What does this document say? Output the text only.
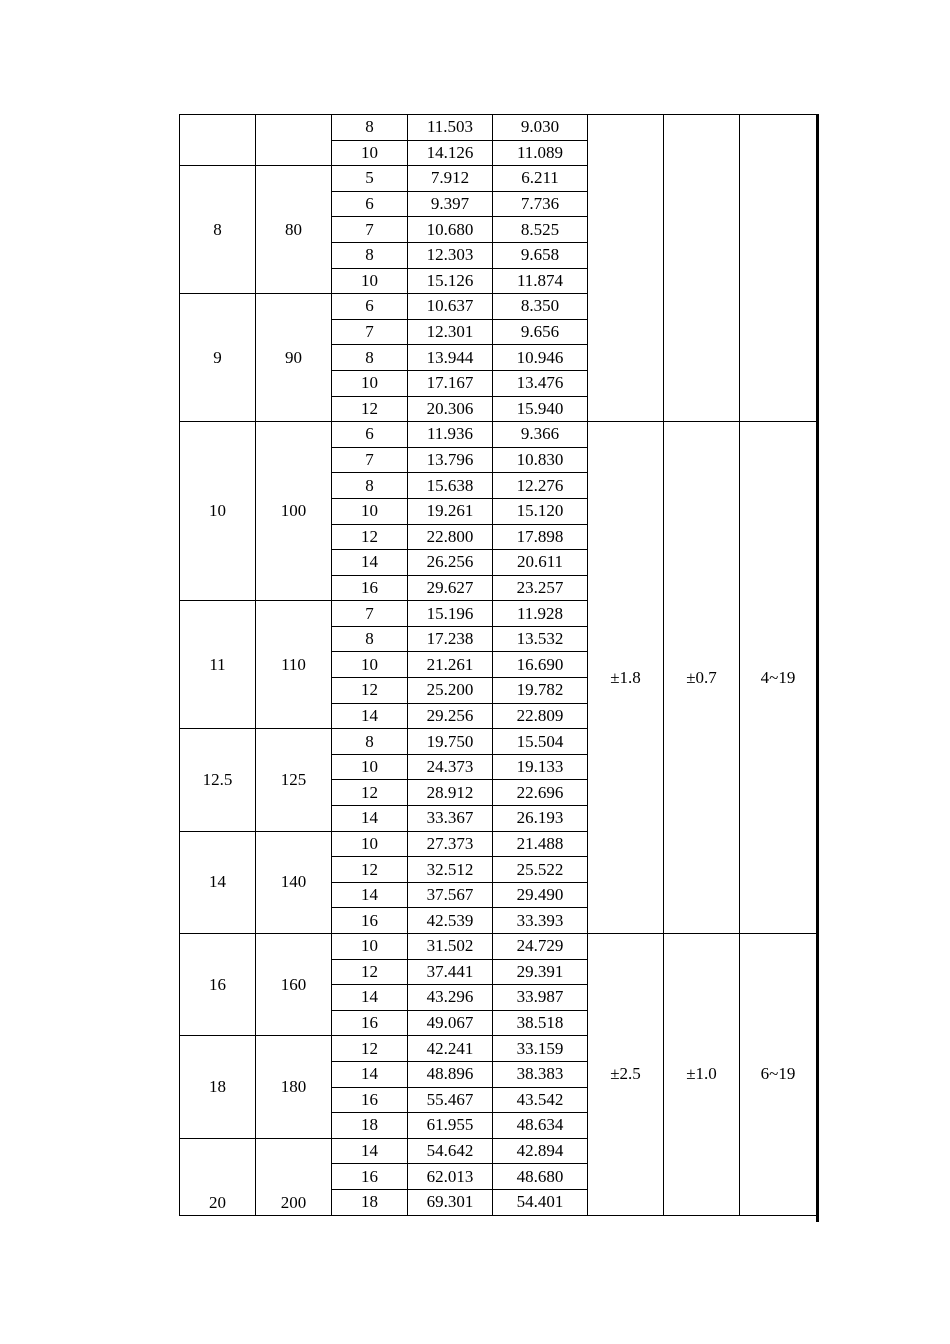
		8	11.503	9.030			
		10	14.126	11.089			
8	80	5	7.912	6.211			
		6	9.397	7.736			
		7	10.680	8.525			
		8	12.303	9.658			
		10	15.126	11.874			
9	90	6	10.637	8.350			
		7	12.301	9.656			
		8	13.944	10.946			
		10	17.167	13.476			
		12	20.306	15.940			
10	100	6	11.936	9.366	±1.8	±0.7	4~19
		7	13.796	10.830			
		8	15.638	12.276			
		10	19.261	15.120			
		12	22.800	17.898			
		14	26.256	20.611			
		16	29.627	23.257			
11	110	7	15.196	11.928			
		8	17.238	13.532			
		10	21.261	16.690			
		12	25.200	19.782			
		14	29.256	22.809			
12.5	125	8	19.750	15.504			
		10	24.373	19.133			
		12	28.912	22.696			
		14	33.367	26.193			
14	140	10	27.373	21.488			
		12	32.512	25.522			
		14	37.567	29.490			
		16	42.539	33.393			
16	160	10	31.502	24.729	±2.5	±1.0	6~19
		12	37.441	29.391			
		14	43.296	33.987			
		16	49.067	38.518			
18	180	12	42.241	33.159			
		14	48.896	38.383			
		16	55.467	43.542			
		18	61.955	48.634			
20	200	14	54.642	42.894			
		16	62.013	48.680			
		18	69.301	54.401			
